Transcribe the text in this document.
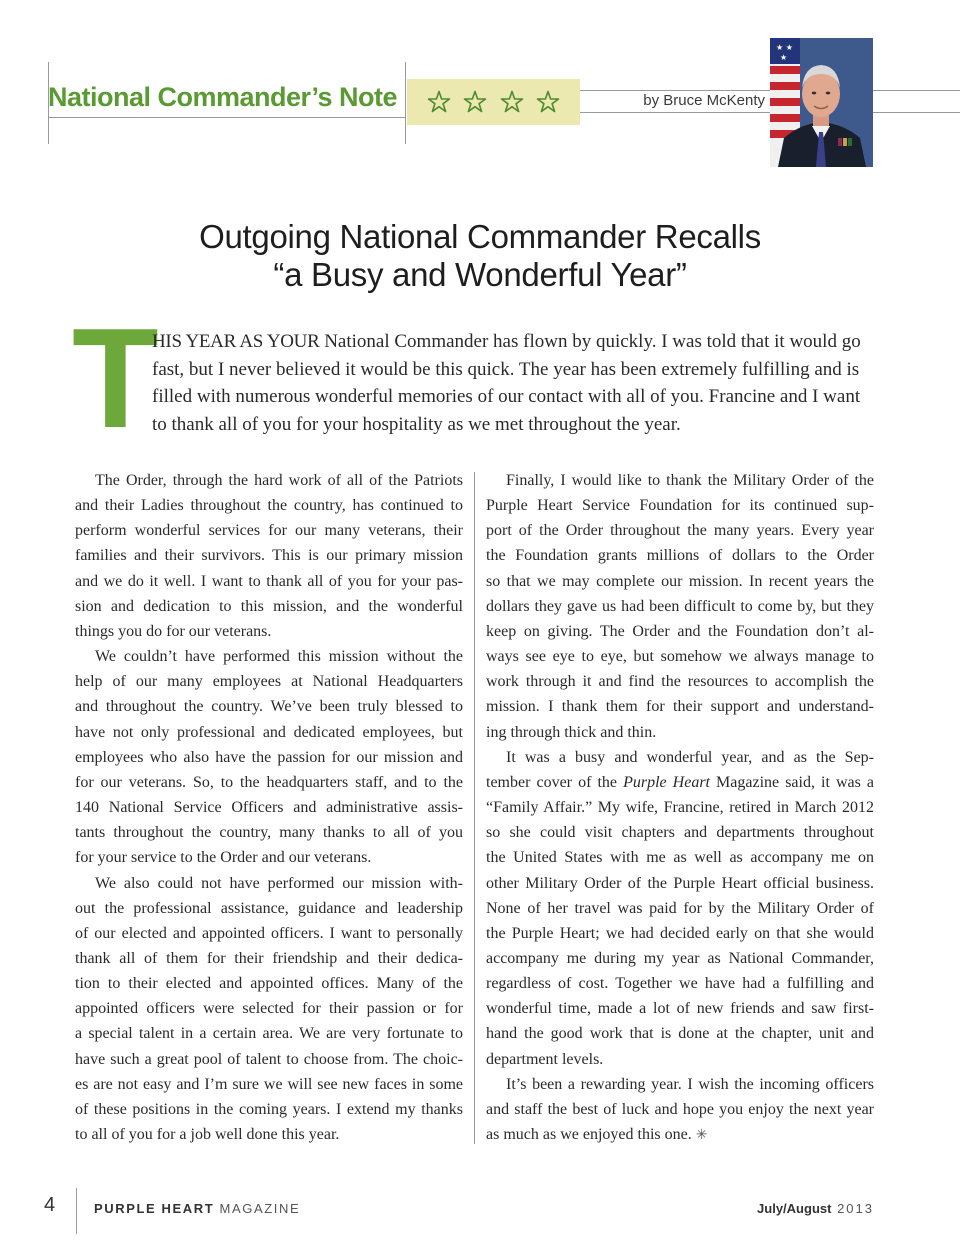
National Commander’s Note	by Bruce McKenty
★ ★
★
Outgoing National Commander Recalls
“a Busy and Wonderful Year”
T

HIS YEAR AS YOUR National Commander has flown by quickly. I was told that it would go
fast, but I never believed it would be this quick. The year has been extremely fulfilling and is
filled with numerous wonderful memories of our contact with all of you. Francine and I want
to thank all of you for your hospitality as we met throughout the year.

The Order, through the hard work of all of the Patriots
and their Ladies throughout the country, has continued to
perform wonderful services for our many veterans, their
families and their survivors. This is our primary mission
and we do it well. I want to thank all of you for your pas-
sion and dedication to this mission, and the wonderful
things you do for our veterans.
We couldn’t have performed this mission without the
help of our many employees at National Headquarters
and throughout the country. We’ve been truly blessed to
have not only professional and dedicated employees, but
employees who also have the passion for our mission and
for our veterans. So, to the headquarters staff, and to the
140 National Service Officers and administrative assis-
tants throughout the country, many thanks to all of you
for your service to the Order and our veterans.
We also could not have performed our mission with-
out the professional assistance, guidance and leadership
of our elected and appointed officers. I want to personally
thank all of them for their friendship and their dedica-
tion to their elected and appointed offices. Many of the
appointed officers were selected for their passion or for
a special talent in a certain area. We are very fortunate to
have such a great pool of talent to choose from. The choic-
es are not easy and I’m sure we will see new faces in some
of these positions in the coming years. I extend my thanks
to all of you for a job well done this year.
Finally, I would like to thank the Military Order of the
Purple Heart Service Foundation for its continued sup-
port of the Order throughout the many years. Every year
the Foundation grants millions of dollars to the Order
so that we may complete our mission. In recent years the
dollars they gave us had been difficult to come by, but they
keep on giving. The Order and the Foundation don’t al-
ways see eye to eye, but somehow we always manage to
work through it and find the resources to accomplish the
mission. I thank them for their support and understand-
ing through thick and thin.
It was a busy and wonderful year, and as the Sep-
tember cover of the Purple Heart Magazine said, it was a
“Family Affair.” My wife, Francine, retired in March 2012
so she could visit chapters and departments throughout
the United States with me as well as accompany me on
other Military Order of the Purple Heart official business.
None of her travel was paid for by the Military Order of
the Purple Heart; we had decided early on that she would
accompany me during my year as National Commander,
regardless of cost. Together we have had a fulfilling and
wonderful time, made a lot of new friends and saw first-
hand the good work that is done at the chapter, unit and
department levels.
It’s been a rewarding year. I wish the incoming officers
and staff the best of luck and hope you enjoy the next year
as much as we enjoyed this one. ✳
4	PURPLE HEART MAGAZINE	July/August 2013
